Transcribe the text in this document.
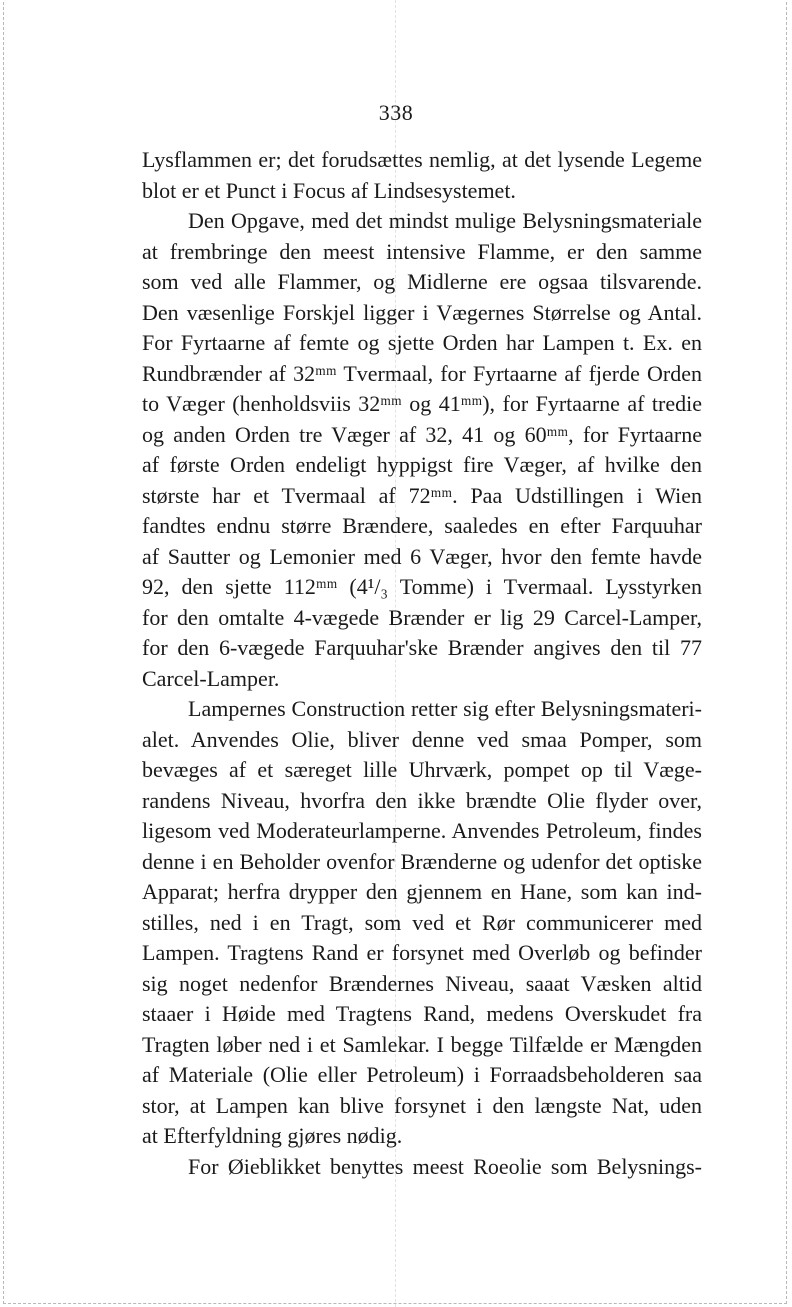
338
Lysflammen er; det forudsættes nemlig, at det lysende Legeme
blot er et Punct i Focus af Lindsesystemet.
Den Opgave, med det mindst mulige Belysningsmateriale
at frembringe den meest intensive Flamme, er den samme
som ved alle Flammer, og Midlerne ere ogsaa tilsvarende.
Den væsenlige Forskjel ligger i Vægernes Størrelse og Antal.
For Fyrtaarne af femte og sjette Orden har Lampen t. Ex. en
Rundbrænder af 32ᵐᵐ Tvermaal, for Fyrtaarne af fjerde Orden
to Væger (henholdsviis 32ᵐᵐ og 41ᵐᵐ), for Fyrtaarne af tredie
og anden Orden tre Væger af 32, 41 og 60ᵐᵐ, for Fyrtaarne
af første Orden endeligt hyppigst fire Væger, af hvilke den
største har et Tvermaal af 72ᵐᵐ. Paa Udstillingen i Wien
fandtes endnu større Brændere, saaledes en efter Farquuhar
af Sautter og Lemonier med 6 Væger, hvor den femte havde
92, den sjette 112ᵐᵐ (4¹/₃ Tomme) i Tvermaal. Lysstyrken
for den omtalte 4-vægede Brænder er lig 29 Carcel-Lamper,
for den 6-vægede Farquuhar'ske Brænder angives den til 77
Carcel-Lamper.
Lampernes Construction retter sig efter Belysningsmateri-
alet. Anvendes Olie, bliver denne ved smaa Pomper, som
bevæges af et særeget lille Uhrværk, pompet op til Væge-
randens Niveau, hvorfra den ikke brændte Olie flyder over,
ligesom ved Moderateurlamperne. Anvendes Petroleum, findes
denne i en Beholder ovenfor Brænderne og udenfor det optiske
Apparat; herfra drypper den gjennem en Hane, som kan ind-
stilles, ned i en Tragt, som ved et Rør communicerer med
Lampen. Tragtens Rand er forsynet med Overløb og befinder
sig noget nedenfor Brændernes Niveau, saaat Væsken altid
staaer i Høide med Tragtens Rand, medens Overskudet fra
Tragten løber ned i et Samlekar. I begge Tilfælde er Mængden
af Materiale (Olie eller Petroleum) i Forraadsbeholderen saa
stor, at Lampen kan blive forsynet i den længste Nat, uden
at Efterfyldning gjøres nødig.
For Øieblikket benyttes meest Roeolie som Belysnings-
